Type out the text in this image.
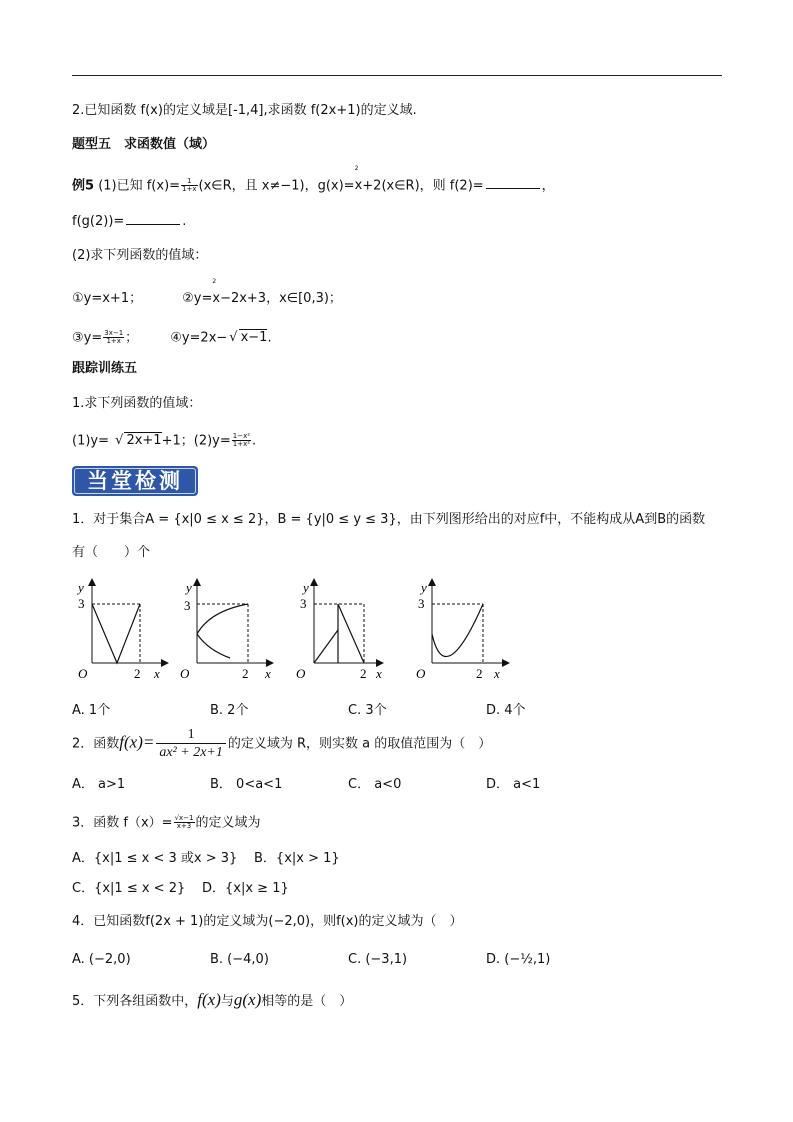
2.已知函数 f(x)的定义域是[-1,4],求函数 f(2x+1)的定义域.
题型五　求函数值（域）
例5 (1)已知 $f(x)= \frac{1}{1+x}$ (x∈R，且 x≠−1)，g(x)=2 x+2(x∈R)，则 f(2)=	，
f(g(2))=	.
(2)求下列函数的值域：
①y=x+1；	②y=2 x−2x+3，x∈[0,3)；
③y= $\frac{3x-1}{1+x}$ ； ④y=2x− √ x−1.
跟踪训练五
1.求下列函数的值域：
(1)y= √ 2x+1+1；$(2)y= \frac{\text{1−x²}}{\text{1+x²}}$ .
当堂检测
1．对于集合A = {x|0 ≤ x ≤ 2}，B = {y|0 ≤ y ≤ 3}，由下列图形给出的对应f中，不能构成从A到B的函数
有（　　）个
y
3
O	2 x
y
3
O	2 x
y
3
O	2 x
y
3
O	2 x
A. 1个	B. 2个	C. 3个	D. 4个
2．函数$f(x)= \frac{1}{\text{ax² + 2x+1}}$ 的定义域为 R，则实数 a 的取值范围为（　）
A． a>1	B． 0<a<1	C． a<0	D． a<1
3．函数 $f(x)= \frac{√x-1}{x+3}$ 的定义域为
A．{x|1 ≤ x < 3 或x > 3} B．{x|x > 1}
C．{x|1 ≤ x < 2} D．{x|x ≥ 1}
4．已知函数f(2x + 1)的定义域为(−2,0)，则f(x)的定义域为（　）
A. (−2,0)	B. (−4,0)	C. (−3,1)	D. (−½,1)
5．下列各组函数中，f(x)与g(x)相等的是（　）
